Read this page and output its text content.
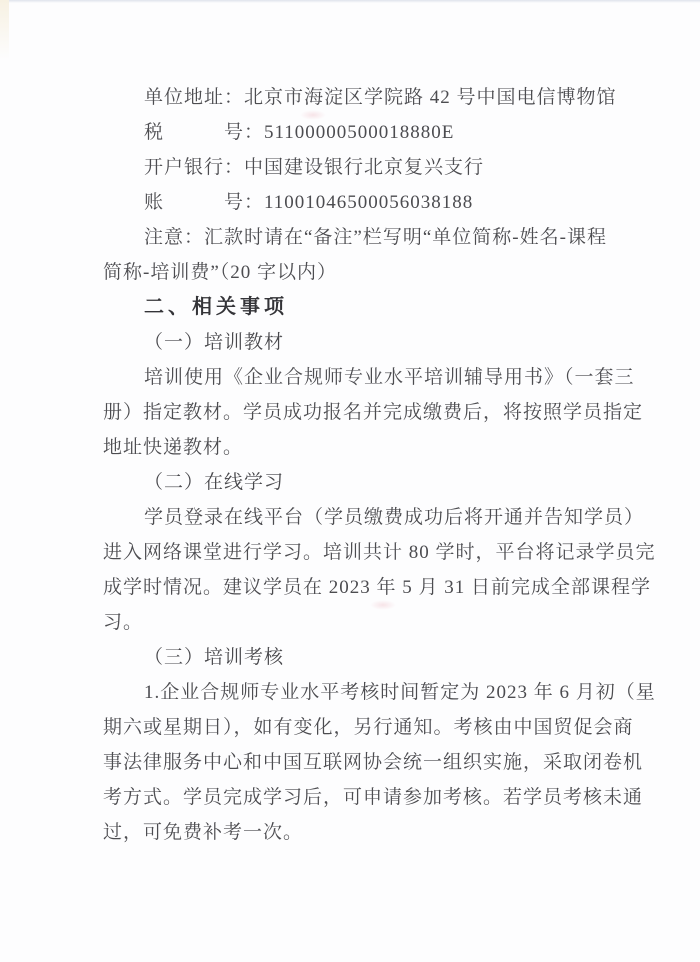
单位地址：北京市海淀区学院路 42 号中国电信博物馆
税　　　号：51100000500018880E
开户银行：中国建设银行北京复兴支行
账　　　号：11001046500056038188
注意：汇款时请在“备注”栏写明“单位简称-姓名-课程
简称-培训费”（20 字以内）
二、相关事项
（一）培训教材
培训使用《企业合规师专业水平培训辅导用书》（一套三
册）指定教材。学员成功报名并完成缴费后，将按照学员指定
地址快递教材。
（二）在线学习
学员登录在线平台（学员缴费成功后将开通并告知学员）
进入网络课堂进行学习。培训共计 80 学时，平台将记录学员完
成学时情况。建议学员在 2023 年 5 月 31 日前完成全部课程学
习。
（三）培训考核
1.企业合规师专业水平考核时间暂定为 2023 年 6 月初（星
期六或星期日），如有变化，另行通知。考核由中国贸促会商
事法律服务中心和中国互联网协会统一组织实施，采取闭卷机
考方式。学员完成学习后，可申请参加考核。若学员考核未通
过，可免费补考一次。
